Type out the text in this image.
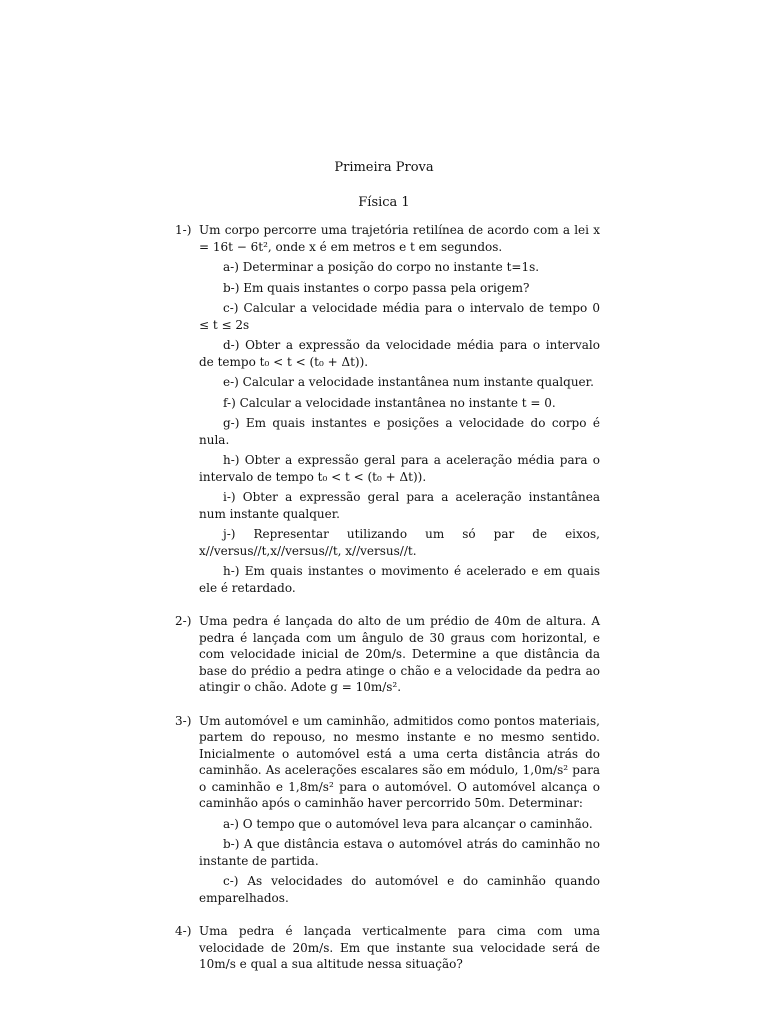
Primeira Prova
Física 1
1-) Um corpo percorre uma trajetória retilínea de acordo com a lei x = 16t − 6t², onde x é em metros e t em segundos.

a-) Determinar a posição do corpo no instante t=1s.

b-) Em quais instantes o corpo passa pela origem?

c-) Calcular a velocidade média para o intervalo de tempo 0 ≤ t ≤ 2s

d-) Obter a expressão da velocidade média para o intervalo de tempo t₀ < t < (t₀ + Δt)).

e-) Calcular a velocidade instantânea num instante qualquer.

f-) Calcular a velocidade instantânea no instante t = 0.

g-) Em quais instantes e posições a velocidade do corpo é nula.

h-) Obter a expressão geral para a aceleração média para o intervalo de tempo t₀ < t < (t₀ + Δt)).

i-) Obter a expressão geral para a aceleração instantânea num instante qualquer.

j-) Representar utilizando um só par de eixos, x//versus//t,x//versus//t, x//versus//t.

h-) Em quais instantes o movimento é acelerado e em quais ele é retardado.

2-) Uma pedra é lançada do alto de um prédio de 40m de altura. A pedra é lançada com um ângulo de 30 graus com horizontal, e com velocidade inicial de 20m/s. Determine a que distância da base do prédio a pedra atinge o chão e a velocidade da pedra ao atingir o chão. Adote g = 10m/s².

3-) Um automóvel e um caminhão, admitidos como pontos materiais, partem do repouso, no mesmo instante e no mesmo sentido. Inicialmente o automóvel está a uma certa distância atrás do caminhão. As acelerações escalares são em módulo, 1,0m/s² para o caminhão e 1,8m/s² para o automóvel. O automóvel alcança o caminhão após o caminhão haver percorrido 50m. Determinar:

a-) O tempo que o automóvel leva para alcançar o caminhão.

b-) A que distância estava o automóvel atrás do caminhão no instante de partida.

c-) As velocidades do automóvel e do caminhão quando emparelhados.

4-) Uma pedra é lançada verticalmente para cima com uma velocidade de 20m/s. Em que instante sua velocidade será de 10m/s e qual a sua altitude nessa situação?
